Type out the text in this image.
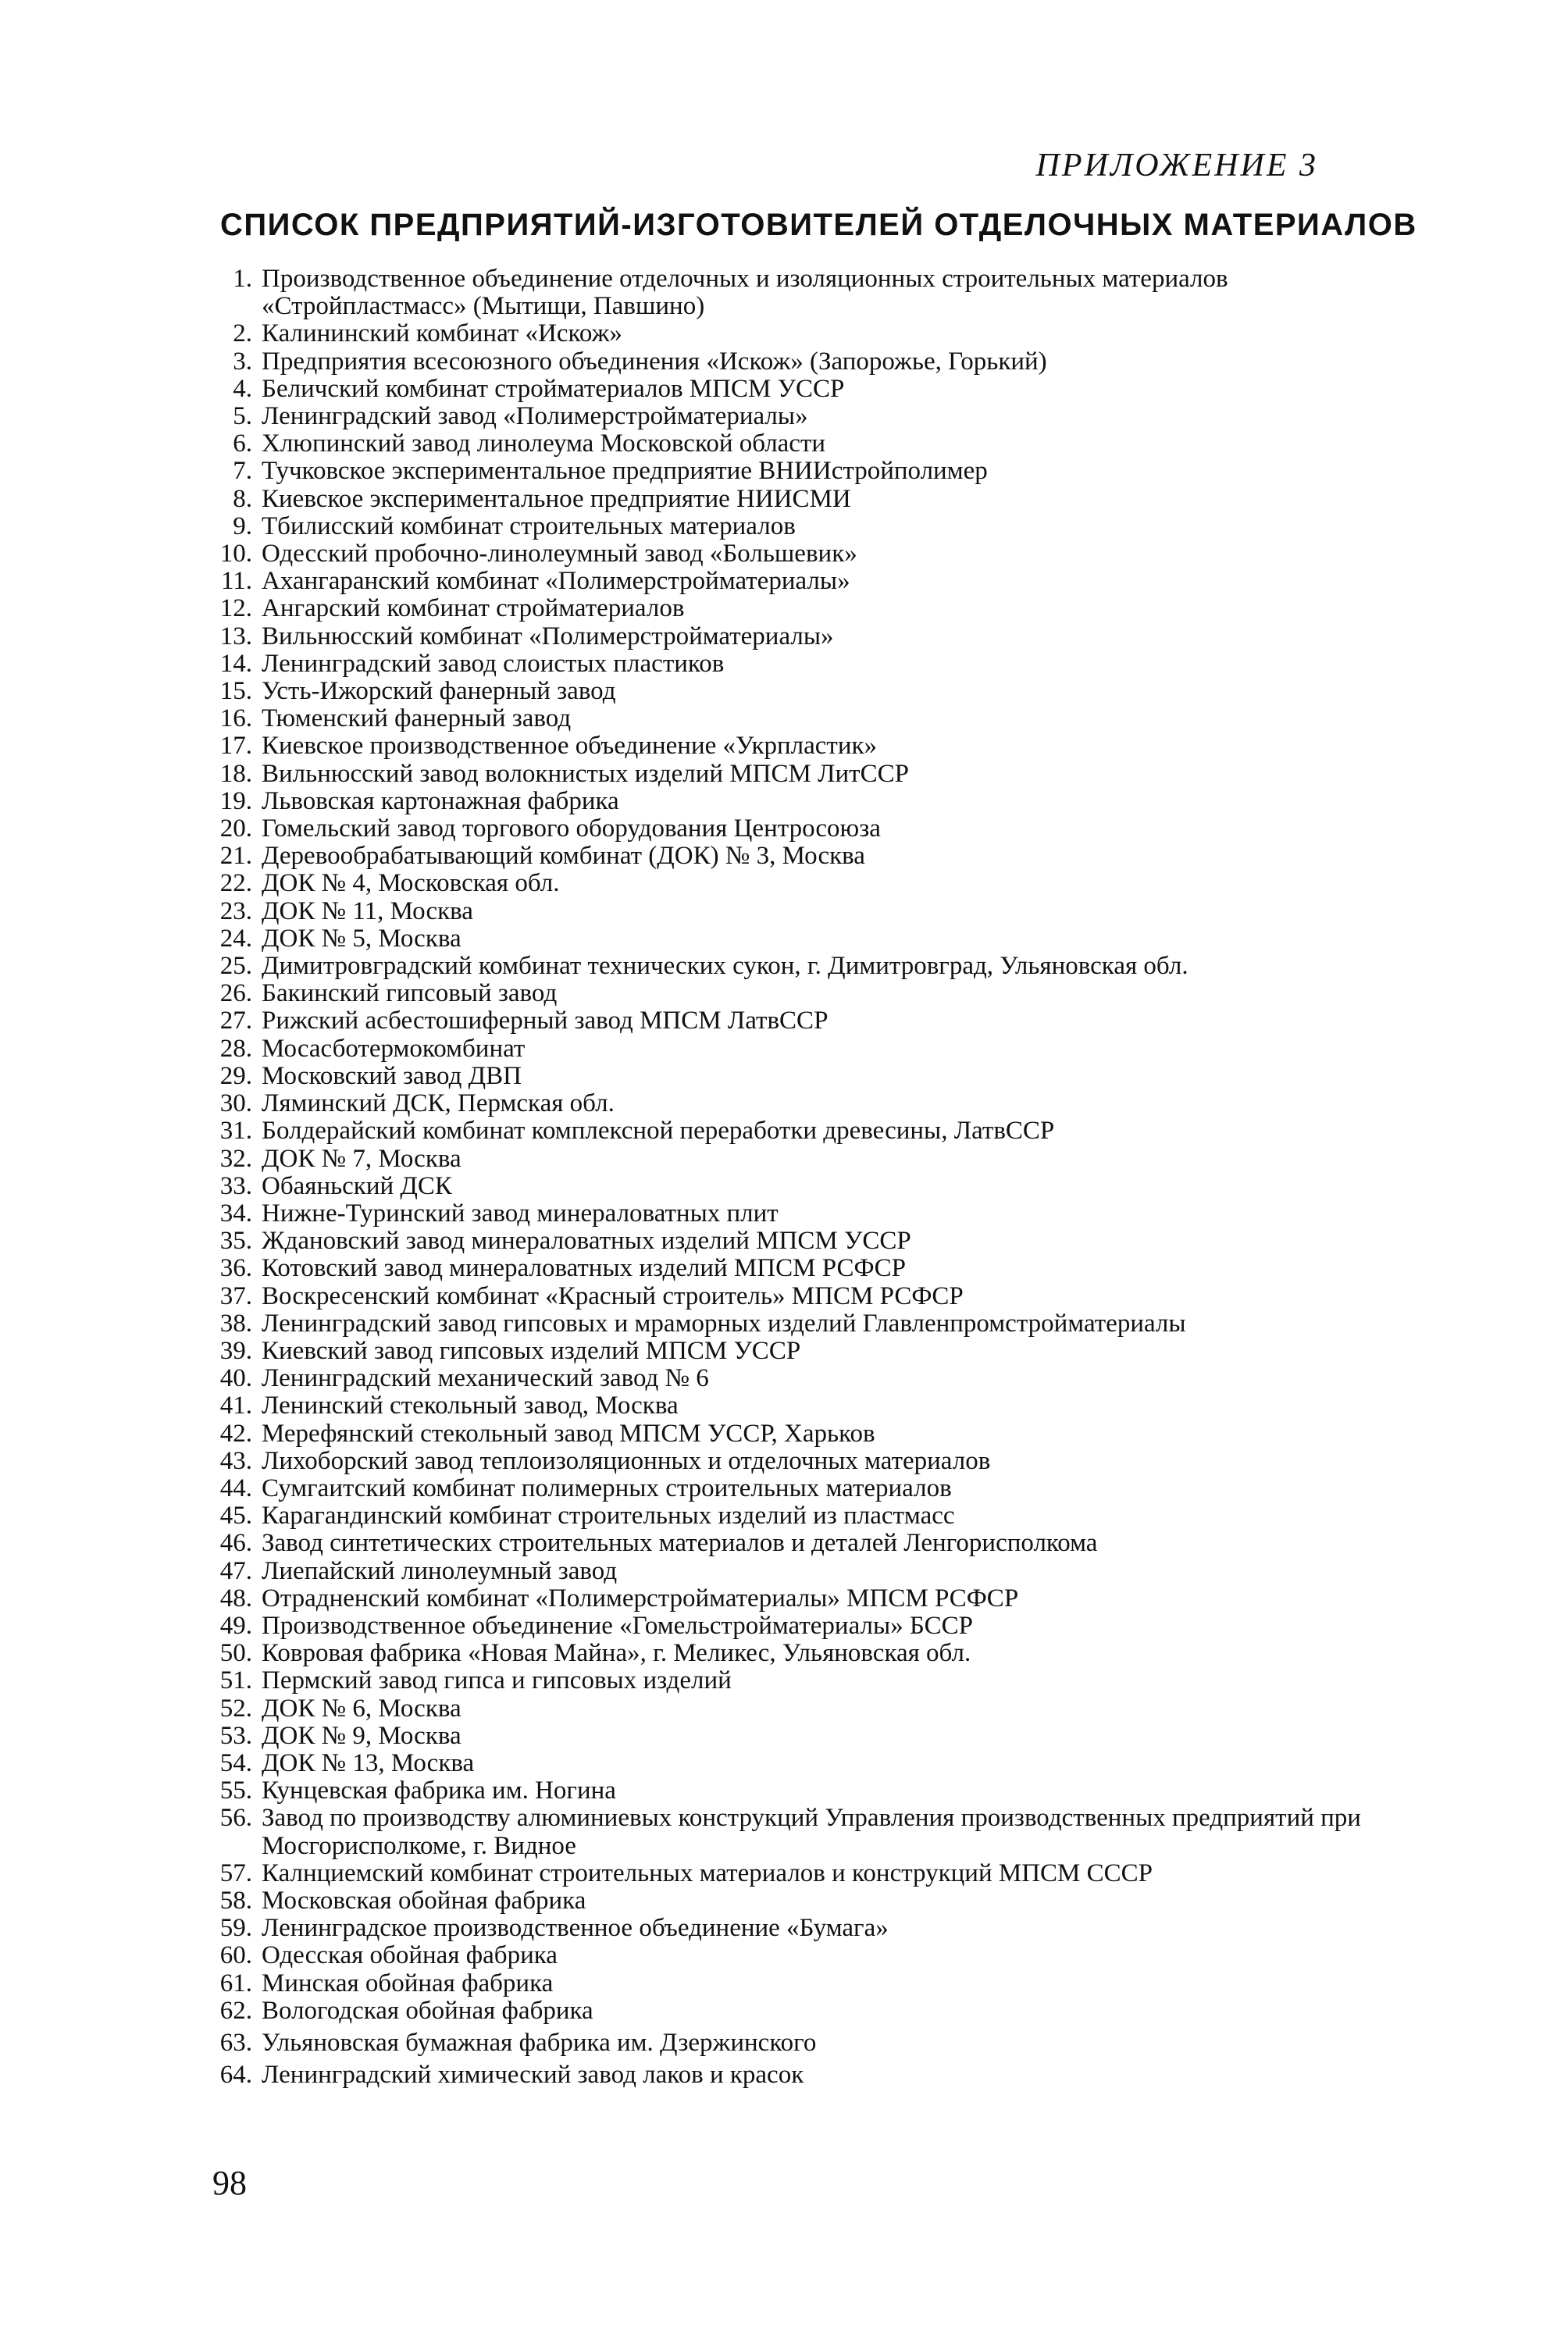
ПРИЛОЖЕНИЕ 3
СПИСОК ПРЕДПРИЯТИЙ-ИЗГОТОВИТЕЛЕЙ ОТДЕЛОЧНЫХ МАТЕРИАЛОВ
1. Производственное объединение отделочных и изоляционных строительных материалов «Стройпластмасс» (Мытищи, Павшино)
2. Калининский комбинат «Искож»
3. Предприятия всесоюзного объединения «Искож» (Запорожье, Горький)
4. Беличский комбинат стройматериалов МПСМ УССР
5. Ленинградский завод «Полимерстройматериалы»
6. Хлюпинский завод линолеума Московской области
7. Тучковское экспериментальное предприятие ВНИИстройполимер
8. Киевское экспериментальное предприятие НИИСМИ
9. Тбилисский комбинат строительных материалов
10. Одесский пробочно-линолеумный завод «Большевик»
11. Ахангаранский комбинат «Полимерстройматериалы»
12. Ангарский комбинат стройматериалов
13. Вильнюсский комбинат «Полимерстройматериалы»
14. Ленинградский завод слоистых пластиков
15. Усть-Ижорский фанерный завод
16. Тюменский фанерный завод
17. Киевское производственное объединение «Укрпластик»
18. Вильнюсский завод волокнистых изделий МПСМ ЛитССР
19. Львовская картонажная фабрика
20. Гомельский завод торгового оборудования Центросоюза
21. Деревообрабатывающий комбинат (ДОК) № 3, Москва
22. ДОК № 4, Московская обл.
23. ДОК № 11, Москва
24. ДОК № 5, Москва
25. Димитровградский комбинат технических сукон, г. Димитровград, Ульяновская обл.
26. Бакинский гипсовый завод
27. Рижский асбестошиферный завод МПСМ ЛатвССР
28. Мосасботермокомбинат
29. Московский завод ДВП
30. Ляминский ДСК, Пермская обл.
31. Болдерайский комбинат комплексной переработки древесины, ЛатвССР
32. ДОК № 7, Москва
33. Обаяньский ДСК
34. Нижне-Туринский завод минераловатных плит
35. Ждановский завод минераловатных изделий МПСМ УССР
36. Котовский завод минераловатных изделий МПСМ РСФСР
37. Воскресенский комбинат «Красный строитель» МПСМ РСФСР
38. Ленинградский завод гипсовых и мраморных изделий Главленпромстройматериалы
39. Киевский завод гипсовых изделий МПСМ УССР
40. Ленинградский механический завод № 6
41. Ленинский стекольный завод, Москва
42. Мерефянский стекольный завод МПСМ УССР, Харьков
43. Лихоборский завод теплоизоляционных и отделочных материалов
44. Сумгаитский комбинат полимерных строительных материалов
45. Карагандинский комбинат строительных изделий из пластмасс
46. Завод синтетических строительных материалов и деталей Ленгорисполкома
47. Лиепайский линолеумный завод
48. Отрадненский комбинат «Полимерстройматериалы» МПСМ РСФСР
49. Производственное объединение «Гомельстройматериалы» БССР
50. Ковровая фабрика «Новая Майна», г. Меликес, Ульяновская обл.
51. Пермский завод гипса и гипсовых изделий
52. ДОК № 6, Москва
53. ДОК № 9, Москва
54. ДОК № 13, Москва
55. Кунцевская фабрика им. Ногина
56. Завод по производству алюминиевых конструкций Управления производственных предприятий при Мосгорисполкоме, г. Видное
57. Калнциемский комбинат строительных материалов и конструкций МПСМ СССР
58. Московская обойная фабрика
59. Ленинградское производственное объединение «Бумага»
60. Одесская обойная фабрика
61. Минская обойная фабрика
62. Вологодская обойная фабрика
63. Ульяновская бумажная фабрика им. Дзержинского
64. Ленинградский химический завод лаков и красок
98
